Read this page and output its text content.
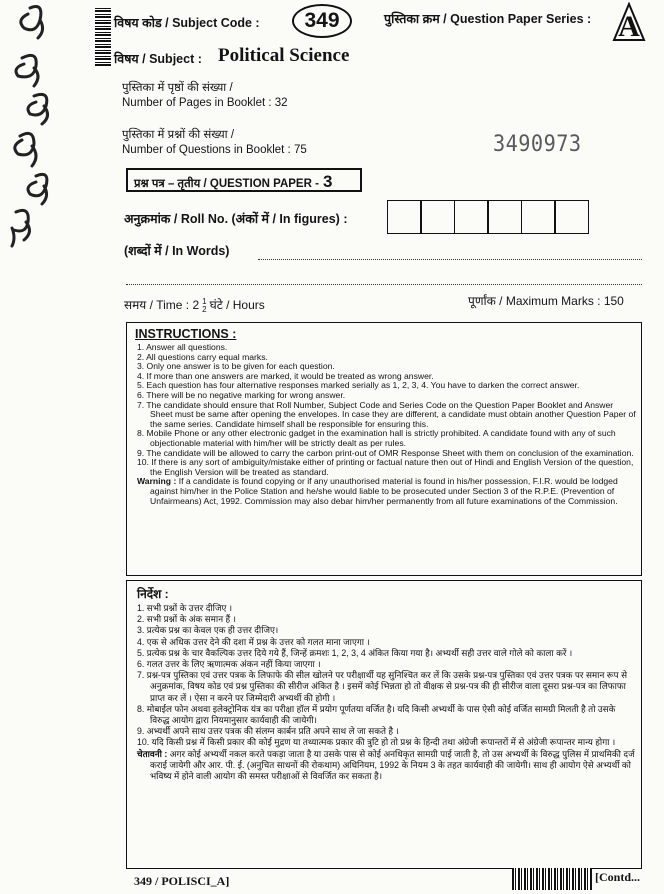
विषय कोड / Subject Code :	349	पुस्तिका क्रम / Question Paper Series : A
विषय / Subject : Political Science
पुस्तिका में पृष्ठों की संख्या /
Number of Pages in Booklet : 32
पुस्तिका में प्रश्नों की संख्या /
Number of Questions in Booklet : 75	3490973
प्रश्न पत्र – तृतीय / QUESTION PAPER - 3
अनुक्रमांक / Roll No. (अंकों में / In figures) :
(शब्दों में / In Words)
समय / Time : 2 1
2 घंटे / Hours	पूर्णांक / Maximum Marks : 150
INSTRUCTIONS :
1. Answer all questions.
2. All questions carry equal marks.
3. Only one answer is to be given for each question.
4. If more than one answers are marked, it would be treated as wrong answer.
5. Each question has four alternative responses marked serially as 1, 2, 3, 4. You have to darken the correct answer.
6. There will be no negative marking for wrong answer.
7. The candidate should ensure that Roll Number, Subject Code and Series Code on the Question Paper Booklet and Answer Sheet must be same after opening the envelopes. In case they are different, a candidate must obtain another Question Paper of the same series. Candidate himself shall be responsible for ensuring this.
8. Mobile Phone or any other electronic gadget in the examination hall is strictly prohibited. A candidate found with any of such objectionable material with him/her will be strictly dealt as per rules.
9. The candidate will be allowed to carry the carbon print-out of OMR Response Sheet with them on conclusion of the examination.
10. If there is any sort of ambiguity/mistake either of printing or factual nature then out of Hindi and English Version of the question, the English Version will be treated as standard.
Warning : If a candidate is found copying or if any unauthorised material is found in his/her possession, F.I.R. would be lodged against him/her in the Police Station and he/she would liable to be prosecuted under Section 3 of the R.P.E. (Prevention of Unfairmeans) Act, 1992. Commission may also debar him/her permanently from all future examinations of the Commission.
निर्देश :
1. सभी प्रश्नों के उत्तर दीजिए ।
2. सभी प्रश्नों के अंक समान हैं ।
3. प्रत्येक प्रश्न का केवल एक ही उत्तर दीजिए।
4. एक से अधिक उत्तर देने की दशा में प्रश्न के उत्तर को गलत माना जाएगा ।
5. प्रत्येक प्रश्न के चार वैकल्पिक उत्तर दिये गये हैं, जिन्हें क्रमशः 1, 2, 3, 4 अंकित किया गया है। अभ्यर्थी सही उत्तर वाले गोले को काला करें ।
6. गलत उत्तर के लिए ऋणात्मक अंकन नहीं किया जाएगा ।
7. प्रश्न-पत्र पुस्तिका एवं उत्तर पत्रक के लिफाफे की सील खोलने पर परीक्षार्थी यह सुनिश्चित कर लें कि उसके प्रश्न-पत्र पुस्तिका एवं उत्तर पत्रक पर समान रूप से अनुक्रमांक, विषय कोड एवं प्रश्न पुस्तिका की सीरीज अंकित है । इसमें कोई भिन्नता हो तो वीक्षक से प्रश्न-पत्र की ही सीरीज वाला दूसरा प्रश्न-पत्र का लिफाफा प्राप्त कर लें । ऐसा न करने पर जिम्मेदारी अभ्यर्थी की होगी ।
8. मोबाईल फोन अथवा इलेक्ट्रोनिक यंत्र का परीक्षा हॉल में प्रयोग पूर्णतया वर्जित है। यदि किसी अभ्यर्थी के पास ऐसी कोई वर्जित सामग्री मिलती है तो उसके विरुद्ध आयोग द्वारा नियमानुसार कार्यवाही की जायेगी।
9. अभ्यर्थी अपने साथ उत्तर पत्रक की संलग्न कार्बन प्रति अपने साथ ले जा सकते है ।
10. यदि किसी प्रश्न में किसी प्रकार की कोई मुद्रण या तथ्यात्मक प्रकार की त्रुटि हो तो प्रश्न के हिन्दी तथा अंग्रेजी रूपान्तरों में से अंग्रेजी रूपान्तर मान्य होगा ।
चेतावनी : अगर कोई अभ्यर्थी नकल करते पकड़ा जाता है या उसके पास से कोई अनधिकृत सामग्री पाई जाती है, तो उस अभ्यर्थी के विरुद्ध पुलिस में प्राथमिकी दर्ज कराई जायेगी और आर. पी. ई. (अनुचित साधनों की रोकथाम) अधिनियम, 1992 के नियम 3 के तहत कार्यवाही की जायेगी। साथ ही आयोग ऐसे अभ्यर्थी को भविष्य में होने वाली आयोग की समस्त परीक्षाओं से विवर्जित कर सकता है।
349 / POLISCI_A]	[Contd...
